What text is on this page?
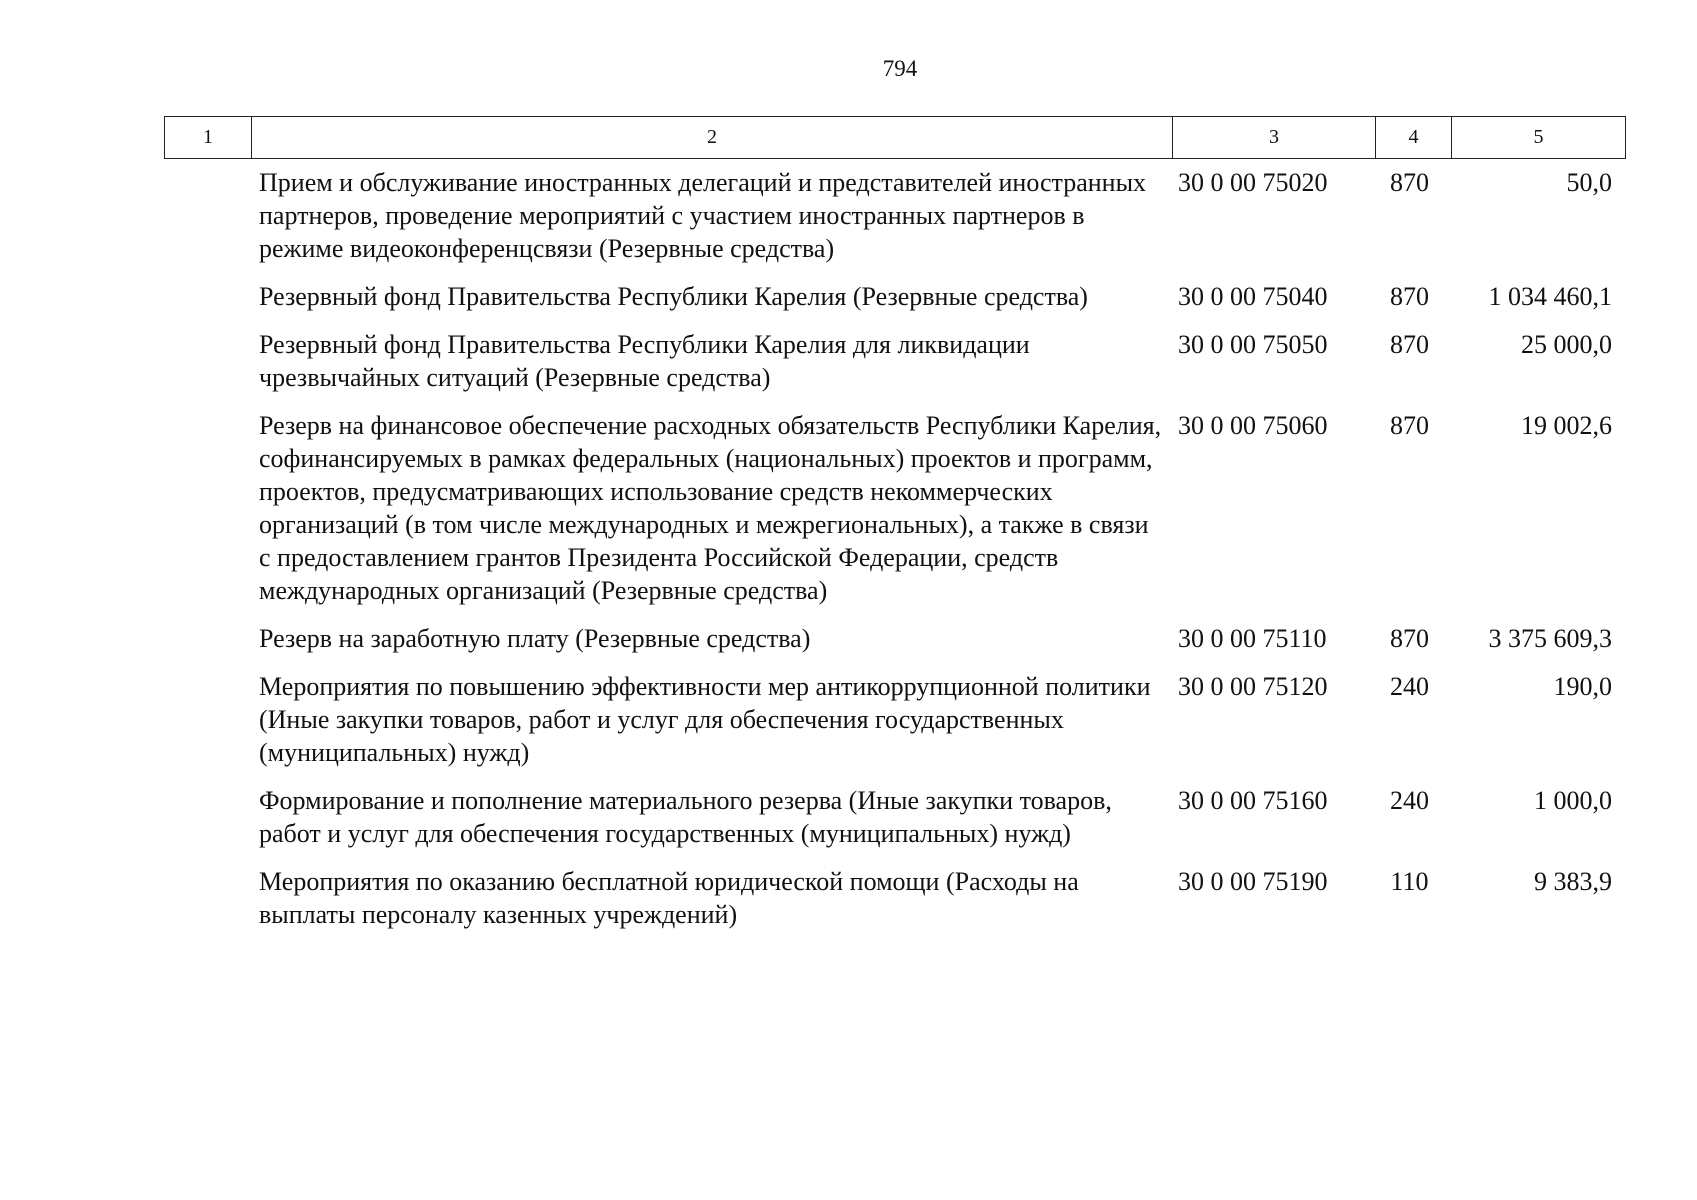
794
1	2	3	4	5
	Прием и обслуживание иностранных делегаций и представителей иностранных партнеров, проведение мероприятий с участием иностранных партнеров в режиме видеоконференцсвязи (Резервные средства)	30 0 00 75020	870	50,0
	Резервный фонд Правительства Республики Карелия (Резервные средства)	30 0 00 75040	870	1 034 460,1
	Резервный фонд Правительства Республики Карелия для ликвидации чрезвычайных ситуаций (Резервные средства)	30 0 00 75050	870	25 000,0
	Резерв на финансовое обеспечение расходных обязательств Республики Карелия, софинансируемых в рамках федеральных (национальных) проектов и программ, проектов, предусматривающих использование средств некоммерческих организаций (в том числе международных и межрегиональных), а также в связи с предоставлением грантов Президента Российской Федерации, средств международных организаций (Резервные средства)	30 0 00 75060	870	19 002,6
	Резерв на заработную плату (Резервные средства)	30 0 00 75110	870	3 375 609,3
	Мероприятия по повышению эффективности мер антикоррупционной политики (Иные закупки товаров, работ и услуг для обеспечения государственных (муниципальных) нужд)	30 0 00 75120	240	190,0
	Формирование и пополнение материального резерва (Иные закупки товаров, работ и услуг для обеспечения государственных (муниципальных) нужд)	30 0 00 75160	240	1 000,0
	Мероприятия по оказанию бесплатной юридической помощи (Расходы на выплаты персоналу казенных учреждений)	30 0 00 75190	110	9 383,9
